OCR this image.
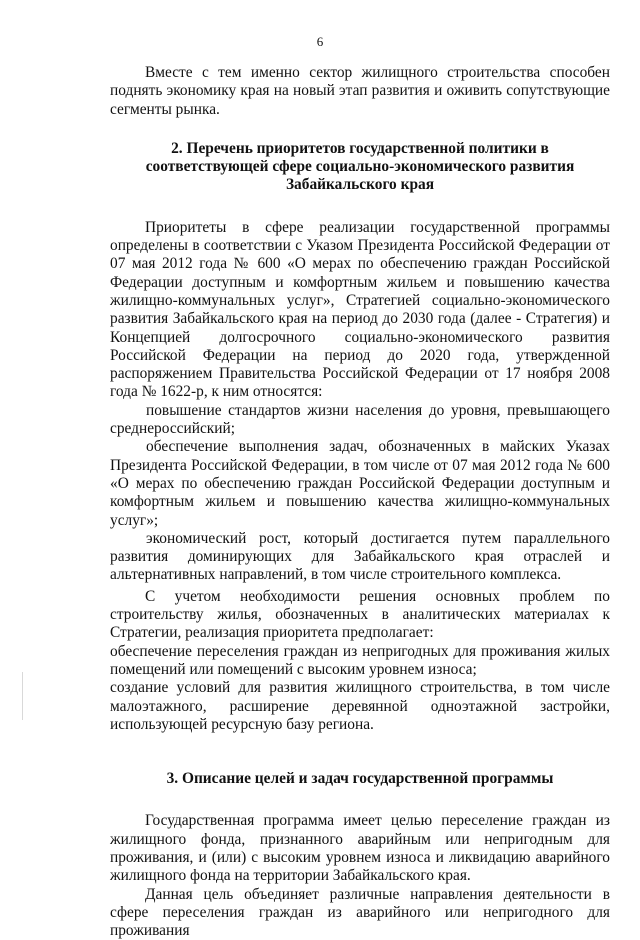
6

Вместе с тем именно сектор жилищного строительства способен поднять экономику края на новый этап развития и оживить сопутствующие сегменты рынка.

2. Перечень приоритетов государственной политики в
соответствующей сфере социально-экономического развития
Забайкальского края

Приоритеты в сфере реализации государственной программы определены в соответствии с Указом Президента Российской Федерации от 07 мая 2012 года № 600 «О мерах по обеспечению граждан Российской Федерации доступным и комфортным жильем и повышению качества жилищно-коммунальных услуг», Стратегией социально-экономического развития Забайкальского края на период до 2030 года (далее - Стратегия) и Концепцией долгосрочного социально-экономического развития Российской Федерации на период до 2020 года, утвержденной распоряжением Правительства Российской Федерации от 17 ноября 2008 года № 1622-р, к ним относятся:

повышение стандартов жизни населения до уровня, превышающего среднероссийский;

обеспечение выполнения задач, обозначенных в майских Указах Президента Российской Федерации, в том числе от 07 мая 2012 года № 600 «О мерах по обеспечению граждан Российской Федерации доступным и комфортным жильем и повышению качества жилищно-коммунальных услуг»;

экономический рост, который достигается путем параллельного развития доминирующих для Забайкальского края отраслей и альтернативных направлений, в том числе строительного комплекса.

С учетом необходимости решения основных проблем по строительству жилья, обозначенных в аналитических материалах к Стратегии, реализация приоритета предполагает:

обеспечение переселения граждан из непригодных для проживания жилых помещений или помещений с высоким уровнем износа;

создание условий для развития жилищного строительства, в том числе малоэтажного, расширение деревянной одноэтажной застройки, использующей ресурсную базу региона.

3. Описание целей и задач государственной программы

Государственная программа имеет целью переселение граждан из жилищного фонда, признанного аварийным или непригодным для проживания, и (или) с высоким уровнем износа и ликвидацию аварийного жилищного фонда на территории Забайкальского края.

Данная цель объединяет различные направления деятельности в сфере переселения граждан из аварийного или непригодного для проживания
